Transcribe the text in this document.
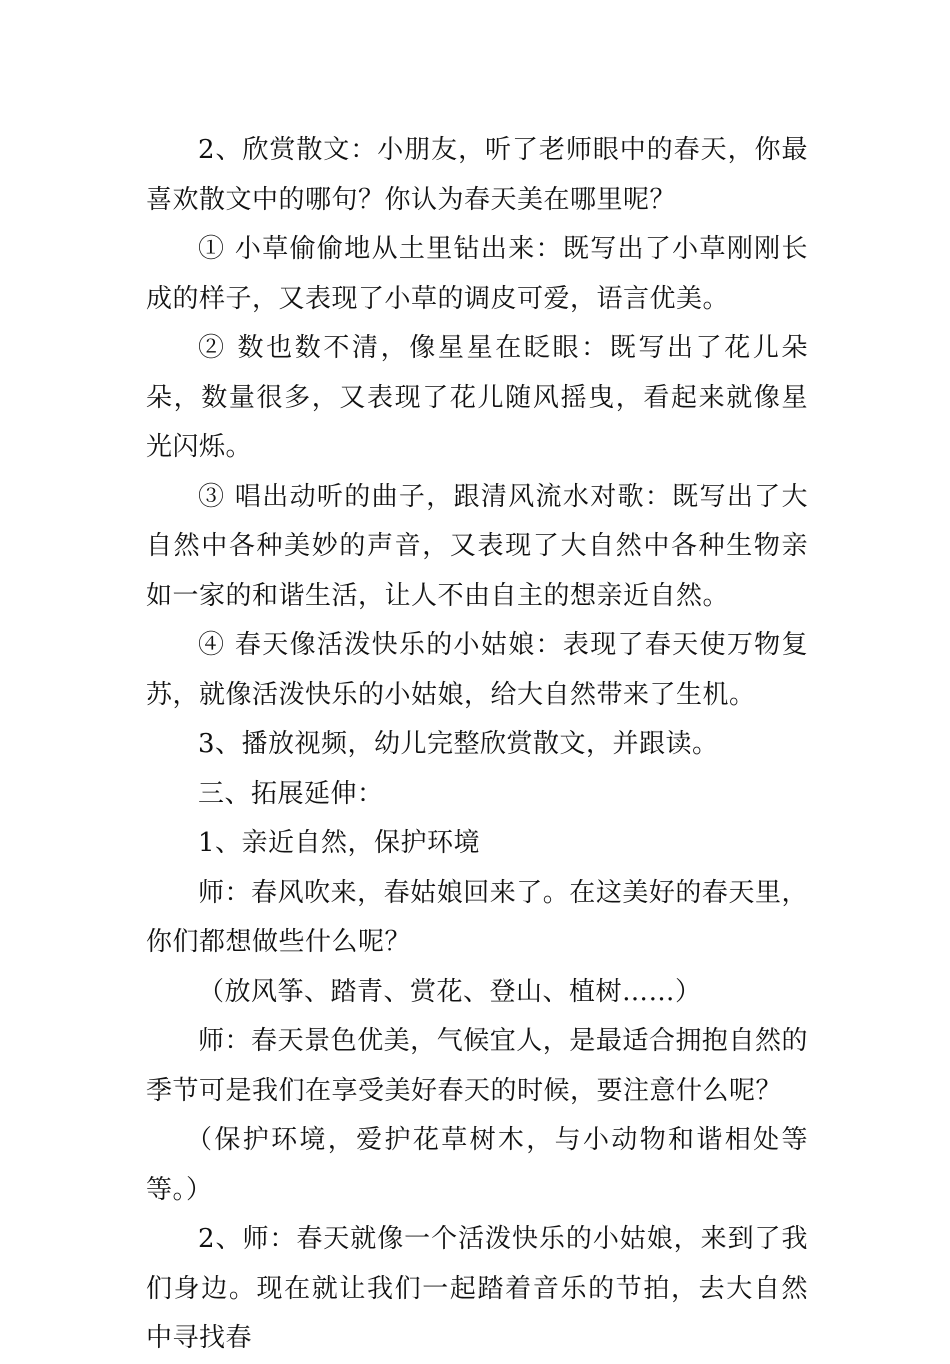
2、欣赏散文：小朋友，听了老师眼中的春天，你最喜欢散文中的哪句？你认为春天美在哪里呢？

① 小草偷偷地从土里钻出来：既写出了小草刚刚长成的样子，又表现了小草的调皮可爱，语言优美。

② 数也数不清，像星星在眨眼：既写出了花儿朵朵，数量很多，又表现了花儿随风摇曳，看起来就像星光闪烁。

③ 唱出动听的曲子，跟清风流水对歌：既写出了大自然中各种美妙的声音，又表现了大自然中各种生物亲如一家的和谐生活，让人不由自主的想亲近自然。

④ 春天像活泼快乐的小姑娘：表现了春天使万物复苏，就像活泼快乐的小姑娘，给大自然带来了生机。

3、播放视频，幼儿完整欣赏散文，并跟读。

三、拓展延伸：

1、亲近自然，保护环境

师：春风吹来，春姑娘回来了。在这美好的春天里，你们都想做些什么呢？

（放风筝、踏青、赏花、登山、植树……）

师：春天景色优美，气候宜人，是最适合拥抱自然的季节可是我们在享受美好春天的时候，要注意什么呢？

（保护环境，爱护花草树木，与小动物和谐相处等等。）

2、师：春天就像一个活泼快乐的小姑娘，来到了我们身边。现在就让我们一起踏着音乐的节拍，去大自然中寻找春
